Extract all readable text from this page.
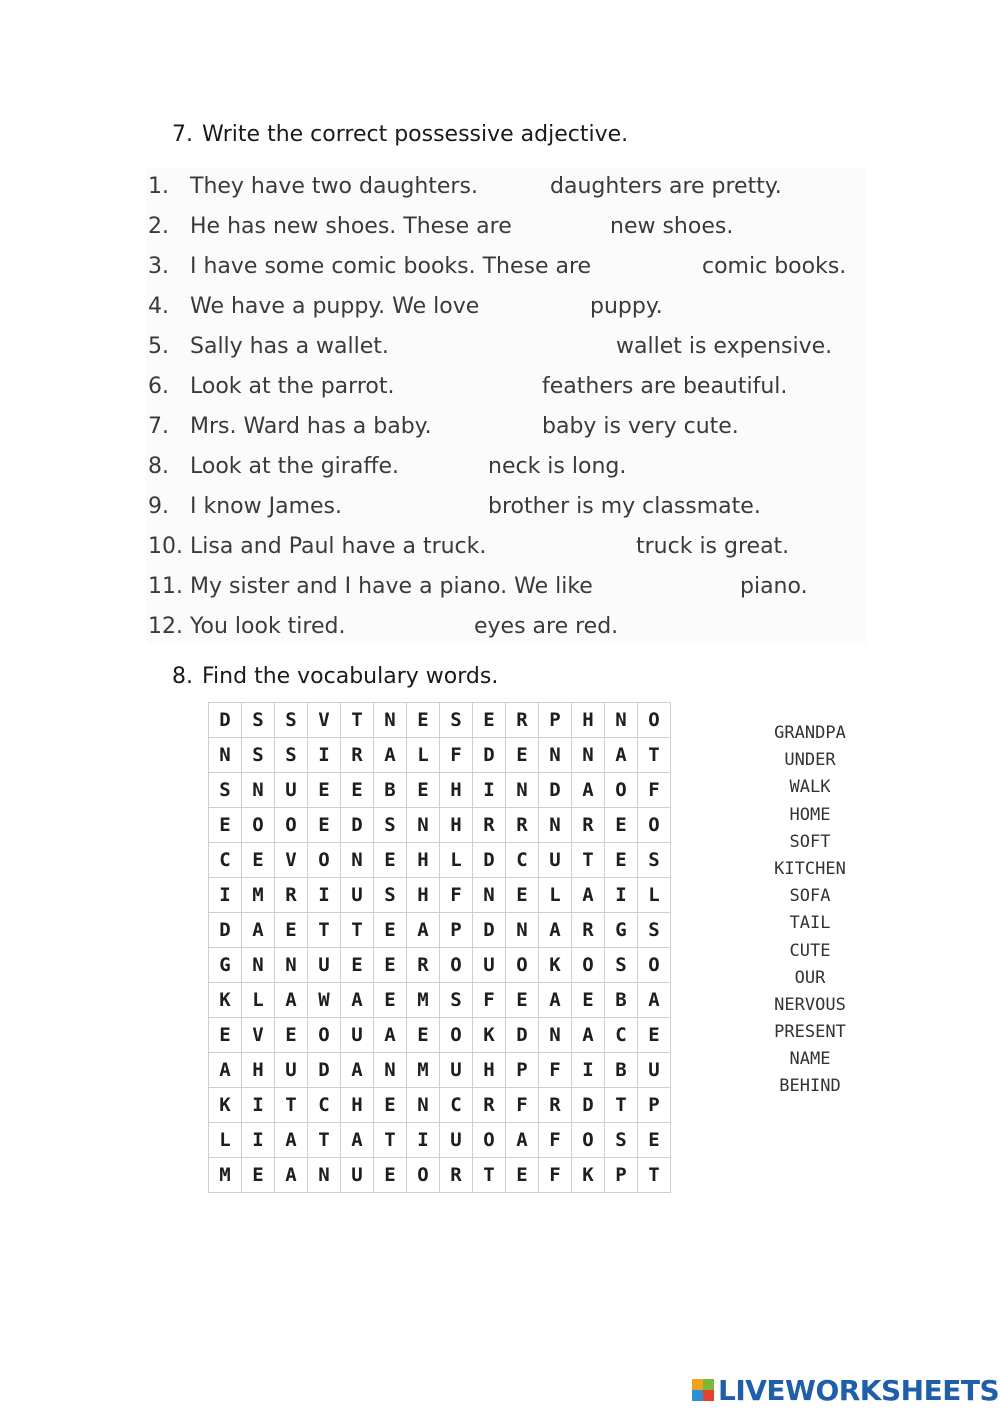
7. Write the correct possessive adjective.
1. They have two daughters.	daughters are pretty.
2. He has new shoes. These are	new shoes.
3. I have some comic books. These are	comic books.
4. We have a puppy. We love	puppy.
5. Sally has a wallet.	wallet is expensive.
6. Look at the parrot.	feathers are beautiful.
7. Mrs. Ward has a baby.	baby is very cute.
8. Look at the giraffe.	neck is long.
9. I know James.	brother is my classmate.
10. Lisa and Paul have a truck.	truck is great.
11. My sister and I have a piano. We like	piano.
12. You look tired.	eyes are red.
8. Find the vocabulary words.
D	S	S	V	T	N	E	S	E	R	P	H	N	O
N	S	S	I	R	A	L	F	D	E	N	N	A	T
S	N	U	E	E	B	E	H	I	N	D	A	O	F
E	O	O	E	D	S	N	H	R	R	N	R	E	O
C	E	V	O	N	E	H	L	D	C	U	T	E	S
I	M	R	I	U	S	H	F	N	E	L	A	I	L
D	A	E	T	T	E	A	P	D	N	A	R	G	S
G	N	N	U	E	E	R	O	U	O	K	O	S	O
K	L	A	W	A	E	M	S	F	E	A	E	B	A
E	V	E	O	U	A	E	O	K	D	N	A	C	E
A	H	U	D	A	N	M	U	H	P	F	I	B	U
K	I	T	C	H	E	N	C	R	F	R	D	T	P
L	I	A	T	A	T	I	U	O	A	F	O	S	E
M	E	A	N	U	E	O	R	T	E	F	K	P	T
GRANDPA
UNDER
WALK
HOME
SOFT
KITCHEN
SOFA
TAIL
CUTE
OUR
NERVOUS
PRESENT
NAME
BEHIND
LIVEWORKSHEETS
